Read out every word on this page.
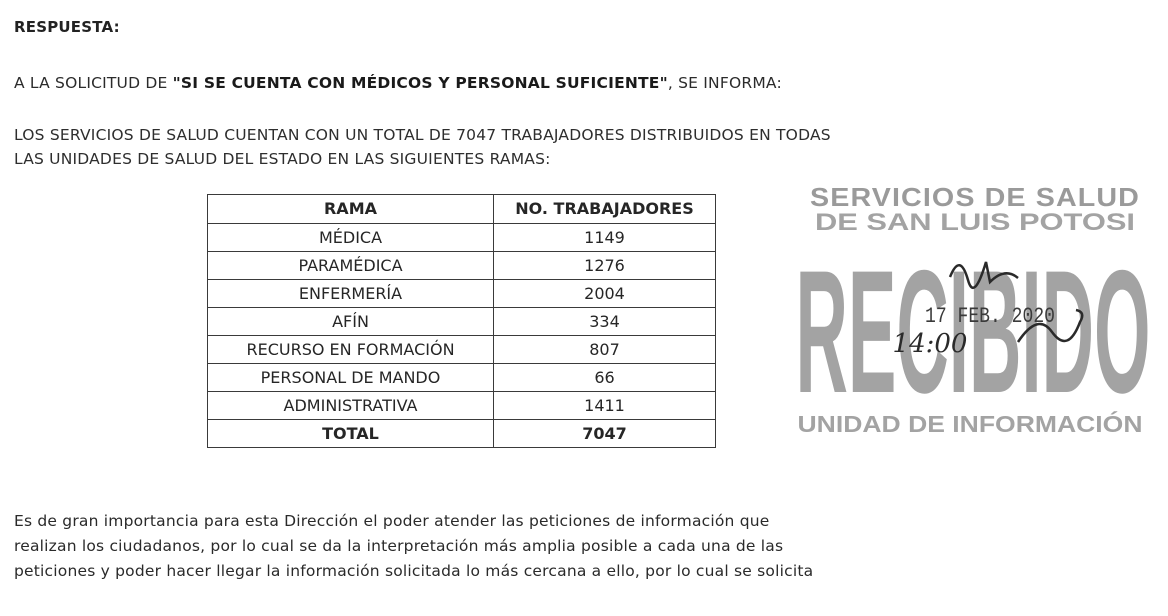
RESPUESTA:
A LA SOLICITUD DE "SI SE CUENTA CON MÉDICOS Y PERSONAL SUFICIENTE", SE INFORMA:
LOS SERVICIOS DE SALUD CUENTAN CON UN TOTAL DE 7047 TRABAJADORES DISTRIBUIDOS EN TODAS
LAS UNIDADES DE SALUD DEL ESTADO EN LAS SIGUIENTES RAMAS:
RAMA	NO. TRABAJADORES
MÉDICA	1149
PARAMÉDICA	1276
ENFERMERÍA	2004
AFÍN	334
RECURSO EN FORMACIÓN	807
PERSONAL DE MANDO	66
ADMINISTRATIVA	1411
TOTAL	7047
SERVICIOS DE SALUD
DE SAN LUIS POTOSI
RECIBIDO
17 FEB. 2020
14:00
UNIDAD DE INFORMACIÓN
Es de gran importancia para esta Dirección el poder atender las peticiones de información que
realizan los ciudadanos, por lo cual se da la interpretación más amplia posible a cada una de las
peticiones y poder hacer llegar la información solicitada lo más cercana a ello, por lo cual se solicita
